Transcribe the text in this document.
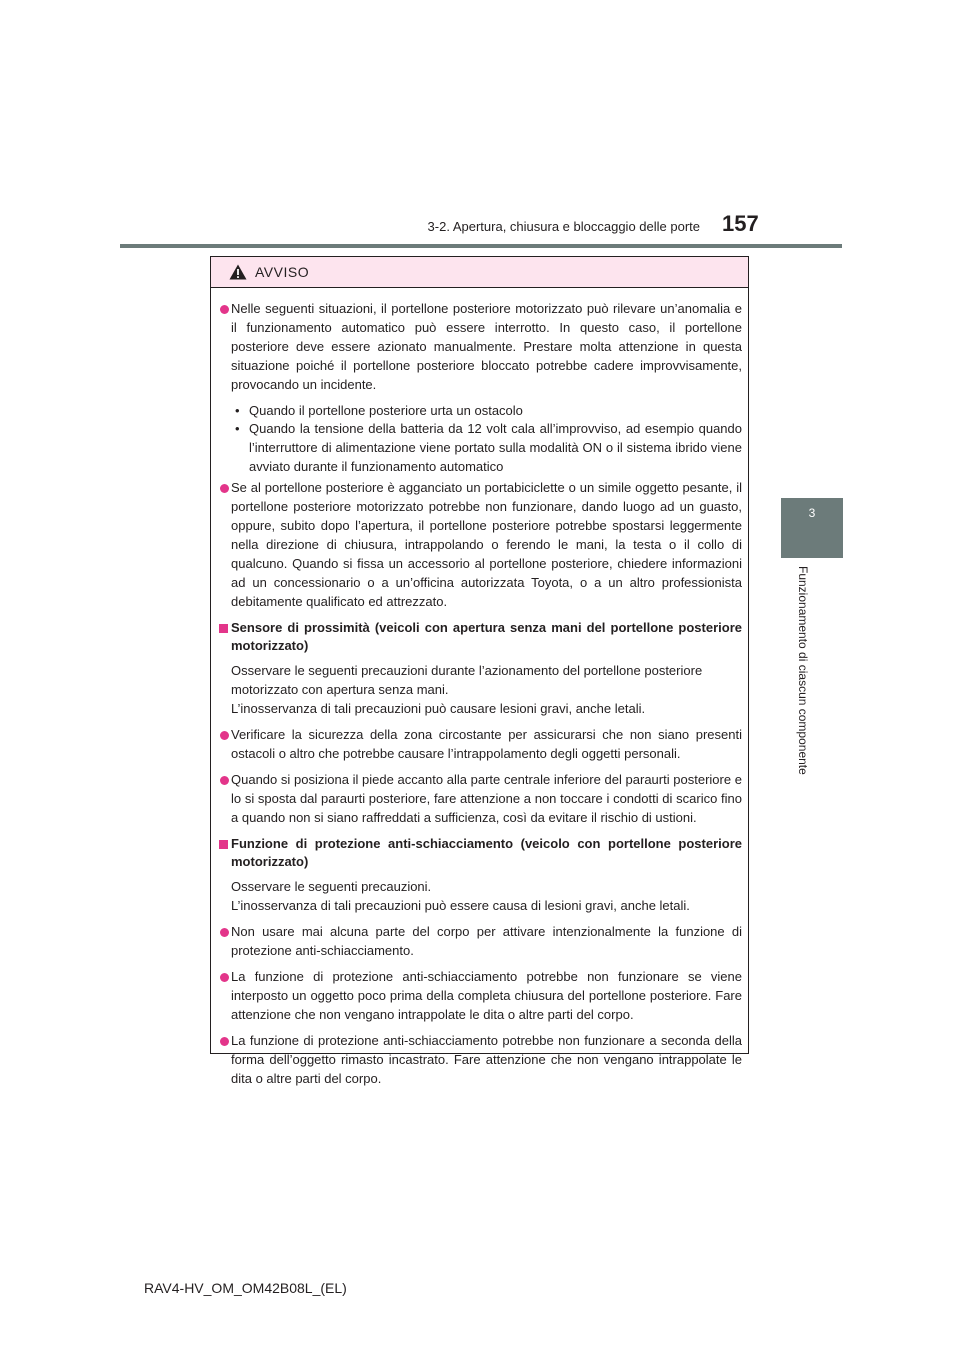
3-2. Apertura, chiusura e bloccaggio delle porte 157
3
Funzionamento di ciascun componente
AVVISO
Nelle seguenti situazioni, il portellone posteriore motorizzato può rilevare un’anomalia e il funzionamento automatico può essere interrotto. In questo caso, il portellone posteriore deve essere azionato manualmente. Prestare molta attenzione in questa situazione poiché il portellone posteriore bloccato potrebbe cadere improvvisamente, provocando un incidente.
• Quando il portellone posteriore urta un ostacolo
• Quando la tensione della batteria da 12 volt cala all’improvviso, ad esempio quando l’interruttore di alimentazione viene portato sulla modalità ON o il sistema ibrido viene avviato durante il funzionamento automatico
Se al portellone posteriore è agganciato un portabiciclette o un simile oggetto pesante, il portellone posteriore motorizzato potrebbe non funzionare, dando luogo ad un guasto, oppure, subito dopo l’apertura, il portellone posteriore potrebbe spostarsi leggermente nella direzione di chiusura, intrappolando o ferendo le mani, la testa o il collo di qualcuno. Quando si fissa un accessorio al portellone posteriore, chiedere informazioni ad un concessionario o a un’officina autorizzata Toyota, o a un altro professionista debitamente qualificato ed attrezzato.
Sensore di prossimità (veicoli con apertura senza mani del portellone posteriore motorizzato)

Osservare le seguenti precauzioni durante l’azionamento del portellone posteriore motorizzato con apertura senza mani.

L’inosservanza di tali precauzioni può causare lesioni gravi, anche letali.

Verificare la sicurezza della zona circostante per assicurarsi che non siano presenti ostacoli o altro che potrebbe causare l’intrappolamento degli oggetti personali.
Quando si posiziona il piede accanto alla parte centrale inferiore del paraurti posteriore e lo si sposta dal paraurti posteriore, fare attenzione a non toccare i condotti di scarico fino a quando non si siano raffreddati a sufficienza, così da evitare il rischio di ustioni.
Funzione di protezione anti-schiacciamento (veicolo con portellone posteriore motorizzato)

Osservare le seguenti precauzioni.

L’inosservanza di tali precauzioni può essere causa di lesioni gravi, anche letali.

Non usare mai alcuna parte del corpo per attivare intenzionalmente la funzione di protezione anti-schiacciamento.
La funzione di protezione anti-schiacciamento potrebbe non funzionare se viene interposto un oggetto poco prima della completa chiusura del portellone posteriore. Fare attenzione che non vengano intrappolate le dita o altre parti del corpo.
La funzione di protezione anti-schiacciamento potrebbe non funzionare a seconda della forma dell’oggetto rimasto incastrato. Fare attenzione che non vengano intrappolate le dita o altre parti del corpo.
RAV4-HV_OM_OM42B08L_(EL)
